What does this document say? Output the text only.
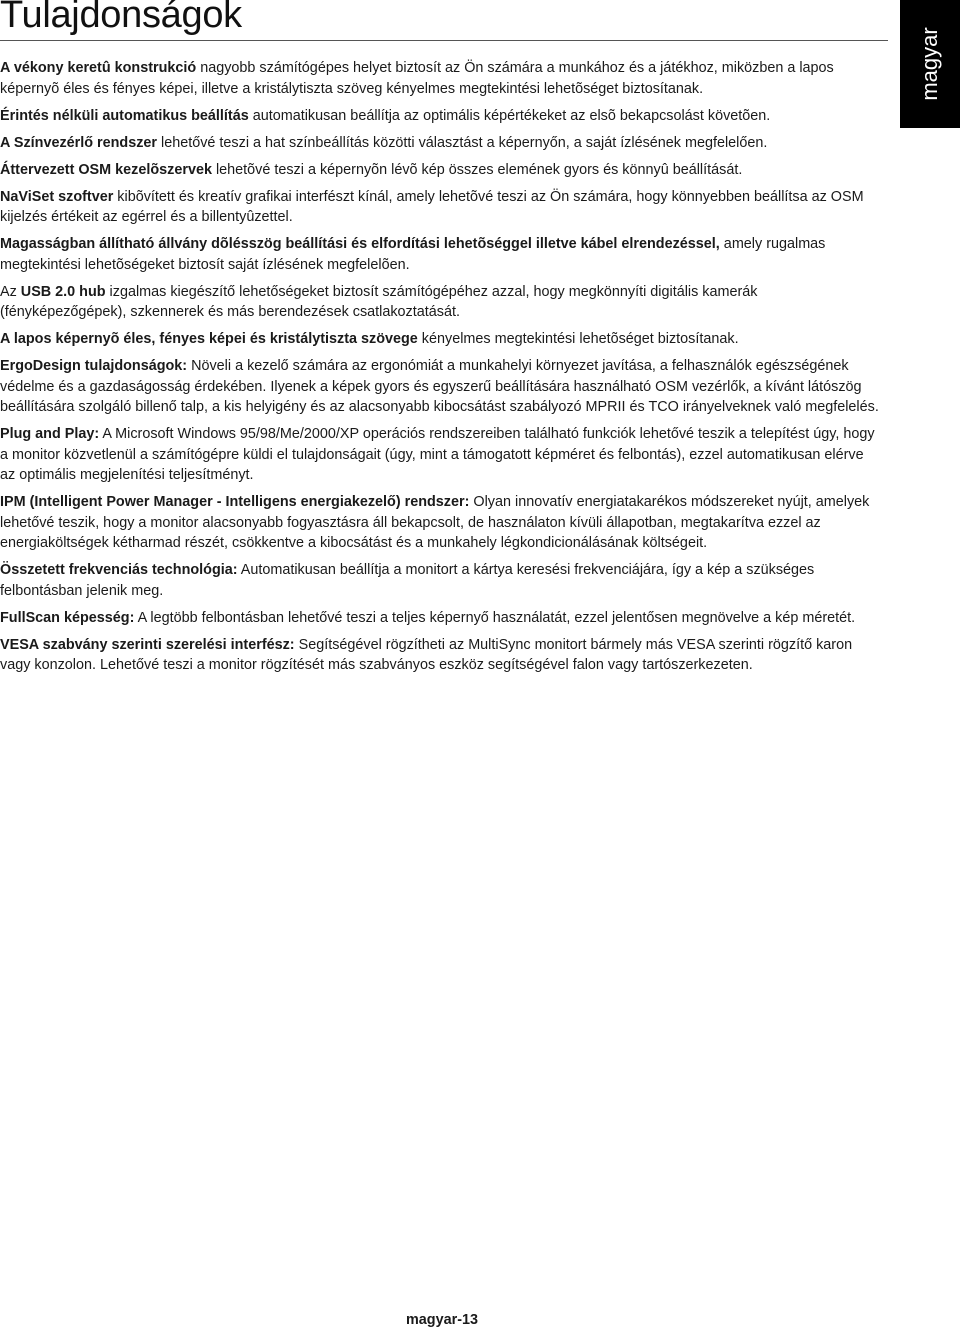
Tulajdonságok
magyar

A vékony keretû konstrukció nagyobb számítógépes helyet biztosít az Ön számára a munkához és a játékhoz, miközben a lapos képernyõ éles és fényes képei, illetve a kristálytiszta szöveg kényelmes megtekintési lehetõséget biztosítanak.

Érintés nélküli automatikus beállítás automatikusan beállítja az optimális képértékeket az elsõ bekapcsolást követõen.

A Színvezérlő rendszer lehetővé teszi a hat színbeállítás közötti választást a képernyőn, a saját ízlésének megfelelően.

Áttervezett OSM kezelõszervek lehetõvé teszi a képernyõn lévõ kép összes elemének gyors és könnyû beállítását.

NaViSet szoftver kibõvített és kreatív grafikai interfészt kínál, amely lehetõvé teszi az Ön számára, hogy könnyebben beállítsa az OSM kijelzés értékeit az egérrel és a billentyûzettel.

Magasságban állítható állvány dõlésszög beállítási és elfordítási lehetõséggel illetve kábel elrendezéssel, amely rugalmas megtekintési lehetõségeket biztosít saját ízlésének megfelelõen.

Az USB 2.0 hub izgalmas kiegészítő lehetőségeket biztosít számítógépéhez azzal, hogy megkönnyíti digitális kamerák (fényképezőgépek), szkennerek és más berendezések csatlakoztatását.

A lapos képernyõ éles, fényes képei és kristálytiszta szövege kényelmes megtekintési lehetõséget biztosítanak.

ErgoDesign tulajdonságok: Növeli a kezelő számára az ergonómiát a munkahelyi környezet javítása, a felhasználók egészségének védelme és a gazdaságosság érdekében. Ilyenek a képek gyors és egyszerű beállítására használható OSM vezérlők, a kívánt látószög beállítására szolgáló billenő talp, a kis helyigény és az alacsonyabb kibocsátást szabályozó MPRII és TCO irányelveknek való megfelelés.

Plug and Play: A Microsoft Windows 95/98/Me/2000/XP operációs rendszereiben található funkciók lehetővé teszik a telepítést úgy, hogy a monitor közvetlenül a számítógépre küldi el tulajdonságait (úgy, mint a támogatott képméret és felbontás), ezzel automatikusan elérve az optimális megjelenítési teljesítményt.

IPM (Intelligent Power Manager - Intelligens energiakezelő) rendszer: Olyan innovatív energiatakarékos módszereket nyújt, amelyek lehetővé teszik, hogy a monitor alacsonyabb fogyasztásra áll bekapcsolt, de használaton kívüli állapotban, megtakarítva ezzel az energiaköltségek kétharmad részét, csökkentve a kibocsátást és a munkahely légkondicionálásának költségeit.

Összetett frekvenciás technológia: Automatikusan beállítja a monitort a kártya keresési frekvenciájára, így a kép a szükséges felbontásban jelenik meg.

FullScan képesség: A legtöbb felbontásban lehetővé teszi a teljes képernyő használatát, ezzel jelentősen megnövelve a kép méretét.

VESA szabvány szerinti szerelési interfész: Segítségével rögzítheti az MultiSync monitort bármely más VESA szerinti rögzítő karon vagy konzolon. Lehetővé teszi a monitor rögzítését más szabványos eszköz segítségével falon vagy tartószerkezeten.

magyar-13
